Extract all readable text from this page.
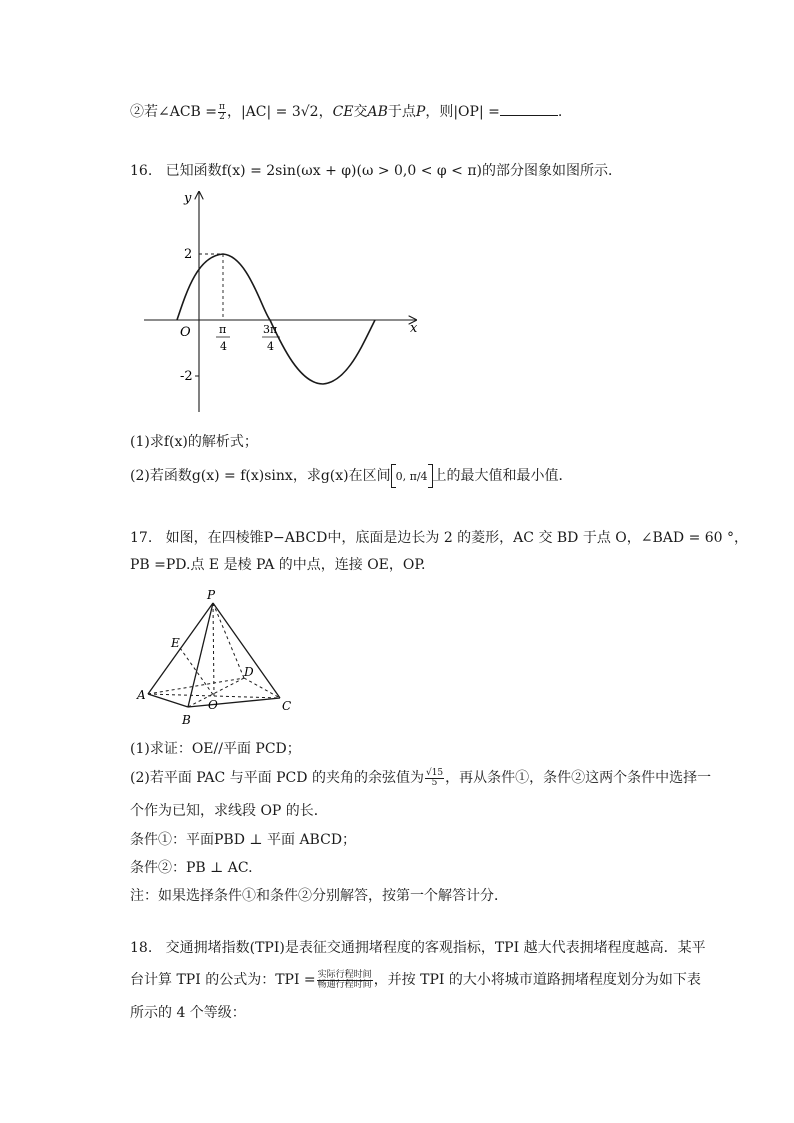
②若∠ACB = $\frac{\pi}{2}$ ，|AC| = 3√2，CE交AB于点P，则|OP| =	.
16. 已知函数f(x) = 2sin(ωx + φ)(ω > 0,0 < φ < π)的部分图象如图所示．
y
x
O
2
-2
π
4
3π
4
(1)求f(x)的解析式；
(2)若函数g(x) = f(x)sinx，求g(x)在区间 0, π/4 上的最大值和最小值．
17. 如图，在四棱锥P−ABCD中，底面是边长为 2 的菱形，AC 交 BD 于点 O，∠BAD = 60 °，
PB =PD.点 E 是棱 PA 的中点，连接 OE，OP.
P
E
D
A
O
B
C
(1)求证：OE//平面 PCD；
(2)若平面 PAC 与平面 PCD 的夹角的余弦值为 $\frac{√15}{5}$ ，再从条件①，条件②这两个条件中选择一
个作为已知，求线段 OP 的长．
条件①：平面PBD ⊥ 平面 ABCD；
条件②：PB ⊥ AC.
注：如果选择条件①和条件②分别解答，按第一个解答计分．
18. 交通拥堵指数(TPI)是表征交通拥堵程度的客观指标，TPI 越大代表拥堵程度越高．某平
台计算 TPI 的公式为：TPI = $\frac{\text{实际行程时间}}{\text{畅通行程时间}}$ ，并按 TPI 的大小将城市道路拥堵程度划分为如下表
所示的 4 个等级：
